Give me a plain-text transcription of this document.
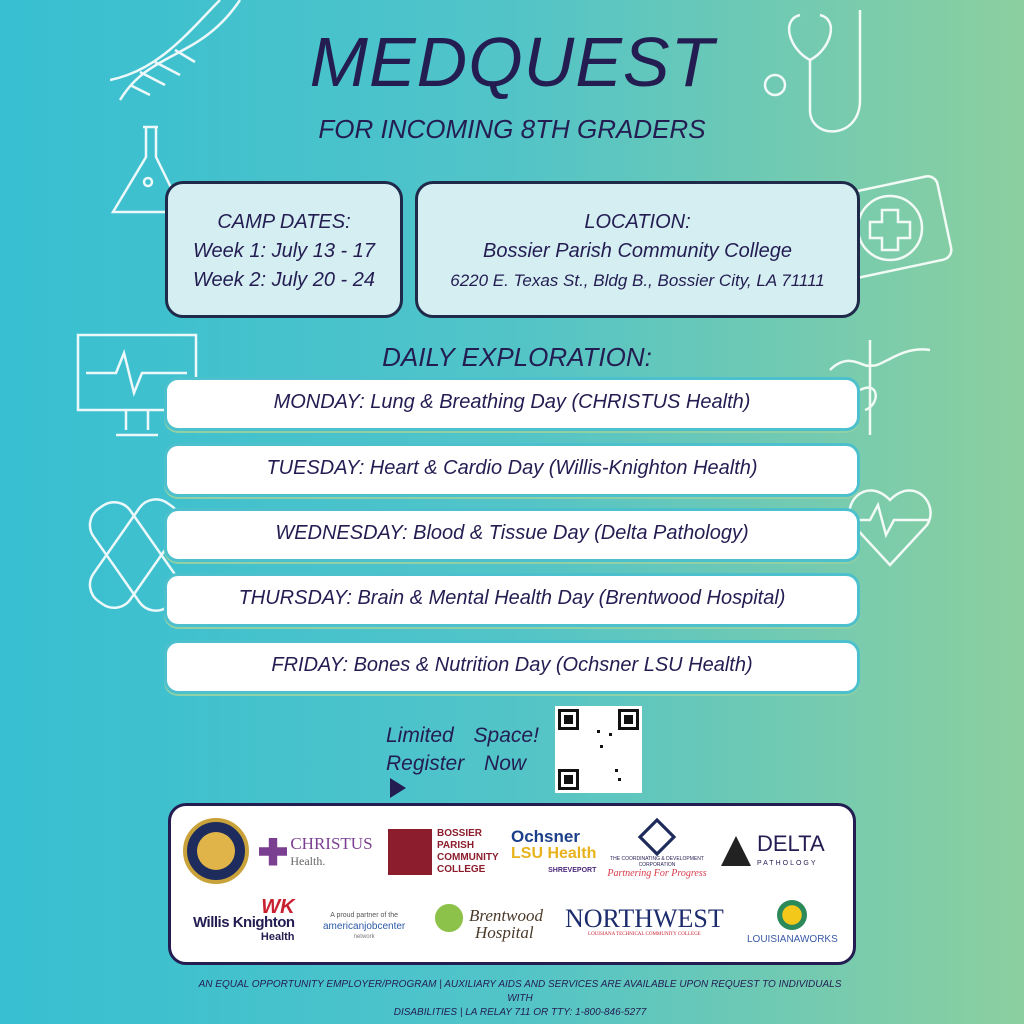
MEDQUEST
FOR INCOMING 8TH GRADERS
CAMP DATES:
Week 1: July 13 - 17
Week 2: July 20 - 24
LOCATION:
Bossier Parish Community College
6220 E. Texas St., Bldg B., Bossier City, LA 71111
DAILY EXPLORATION:
MONDAY: Lung & Breathing Day (CHRISTUS Health)
TUESDAY: Heart & Cardio Day (Willis-Knighton Health)
WEDNESDAY: Blood & Tissue Day (Delta Pathology)
THURSDAY: Brain & Mental Health Day (Brentwood Hospital)
FRIDAY: Bones & Nutrition Day (Ochsner LSU Health)
Limited Space!
Register Now

CHRISTUS
Health.
BOSSIER PARISH COMMUNITY COLLEGE
Ochsner
LSU Health
SHREVEPORT
THE COORDINATING & DEVELOPMENT CORPORATION
Partnering For Progress
DELTA
PATHOLOGY
WK
Willis Knighton
Health
A proud partner of the
americanjobcenter
network
Brentwood
Hospital	NORTHWEST
LOUISIANA TECHNICAL COMMUNITY COLLEGE	LOUISIANAWORKS
AN EQUAL OPPORTUNITY EMPLOYER/PROGRAM | AUXILIARY AIDS AND SERVICES ARE AVAILABLE UPON REQUEST TO INDIVIDUALS WITH
DISABILITIES | LA RELAY 711 OR TTY: 1-800-846-5277
